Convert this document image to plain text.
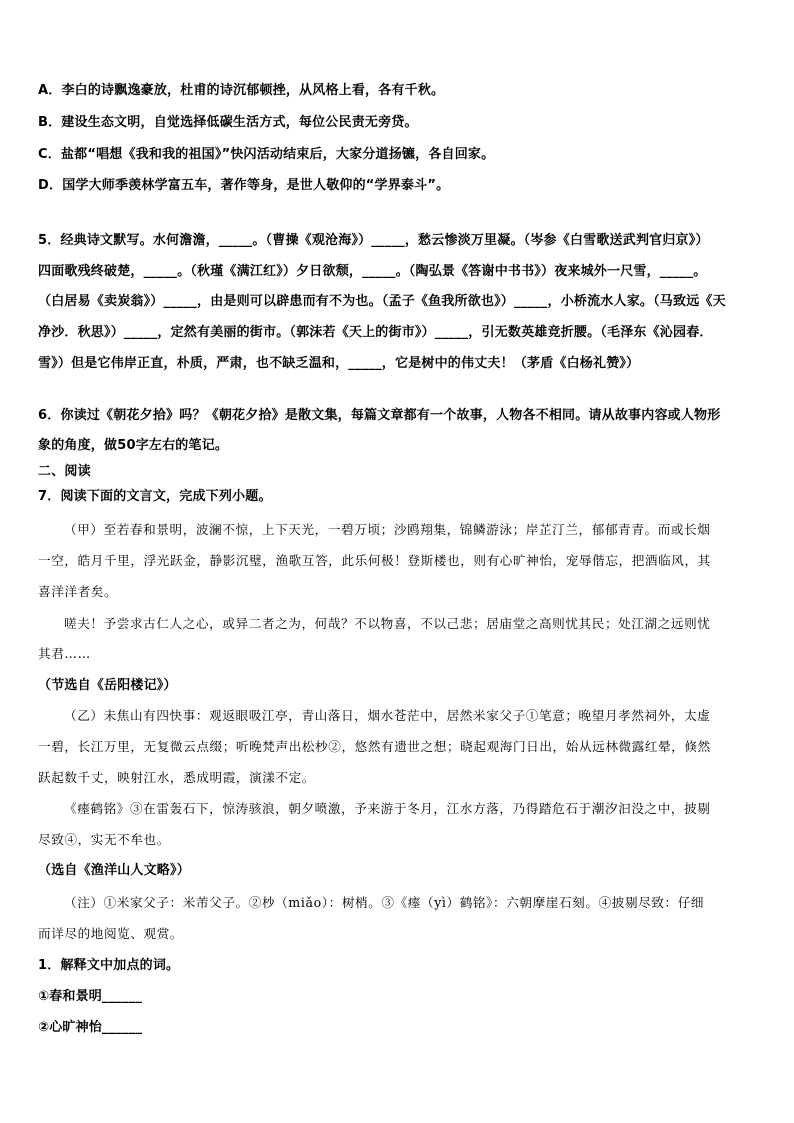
A．李白的诗飘逸豪放，杜甫的诗沉郁顿挫，从风格上看，各有千秋。
B．建设生态文明，自觉选择低碳生活方式，每位公民责无旁贷。
C．盐都“唱想《我和我的祖国》”快闪活动结束后，大家分道扬镳，各自回家。
D．国学大师季羡林学富五车，著作等身，是世人敬仰的“学界泰斗”。
5．经典诗文默写。水何澹澹，_____。（曹操《观沧海》）_____，愁云惨淡万里凝。（岑参《白雪歌送武判官归京》）
四面歌残终破楚，_____。（秋瑾《满江红》）夕日欲颓，_____。（陶弘景《答谢中书书》）夜来城外一尺雪，_____。
（白居易《卖炭翁》）_____，由是则可以辟患而有不为也。（孟子《鱼我所欲也》）_____，小桥流水人家。（马致远《天
净沙．秋思》）_____，定然有美丽的街市。（郭沫若《天上的街市》）_____，引无数英雄竞折腰。（毛泽东《沁园春．
雪》）但是它伟岸正直，朴质，严肃，也不缺乏温和，_____，它是树中的伟丈夫！（茅盾《白杨礼赞》）
6．你读过《朝花夕拾》吗？《朝花夕拾》是散文集，每篇文章都有一个故事，人物各不相同。请从故事内容或人物形
象的角度，做50字左右的笔记。
二、阅读
7．阅读下面的文言文，完成下列小题。
（甲）至若春和景明，波澜不惊，上下天光，一碧万顷；沙鸥翔集，锦鳞游泳；岸芷汀兰，郁郁青青。而或长烟
一空，皓月千里，浮光跃金，静影沉璧，渔歌互答，此乐何极！登斯楼也，则有心旷神怡，宠辱偕忘，把酒临风，其
喜洋洋者矣。
嗟夫！予尝求古仁人之心，或异二者之为，何哉？不以物喜，不以己悲；居庙堂之高则忧其民；处江湖之远则忧
其君……
（节选自《岳阳楼记》）
（乙）未焦山有四快事：观返眼吸江亭，青山落日，烟水苍茫中，居然米家父子①笔意；晚望月孝然祠外，太虚
一碧，长江万里，无复微云点缀；听晚梵声出松杪②，悠然有遗世之想；晓起观海门日出，始从远林微露红晕，倏然
跃起数千丈，映射江水，悉成明霞，演漾不定。
《瘗鹤铭》③在雷轰石下，惊涛骇浪，朝夕喷激，予来游于冬月，江水方落，乃得踏危石于潮汐汩没之中，披剔
尽致④，实无不牟也。
（选自《渔洋山人文略》）
（注）①米家父子：米芾父子。②杪（miǎo）：树梢。③《瘗（yì）鹤铭》：六朝摩崖石刻。④披剔尽致：仔细
而详尽的地阅览、观赏。
1．解释文中加点的词。
①春和景明______
②心旷神怡______
